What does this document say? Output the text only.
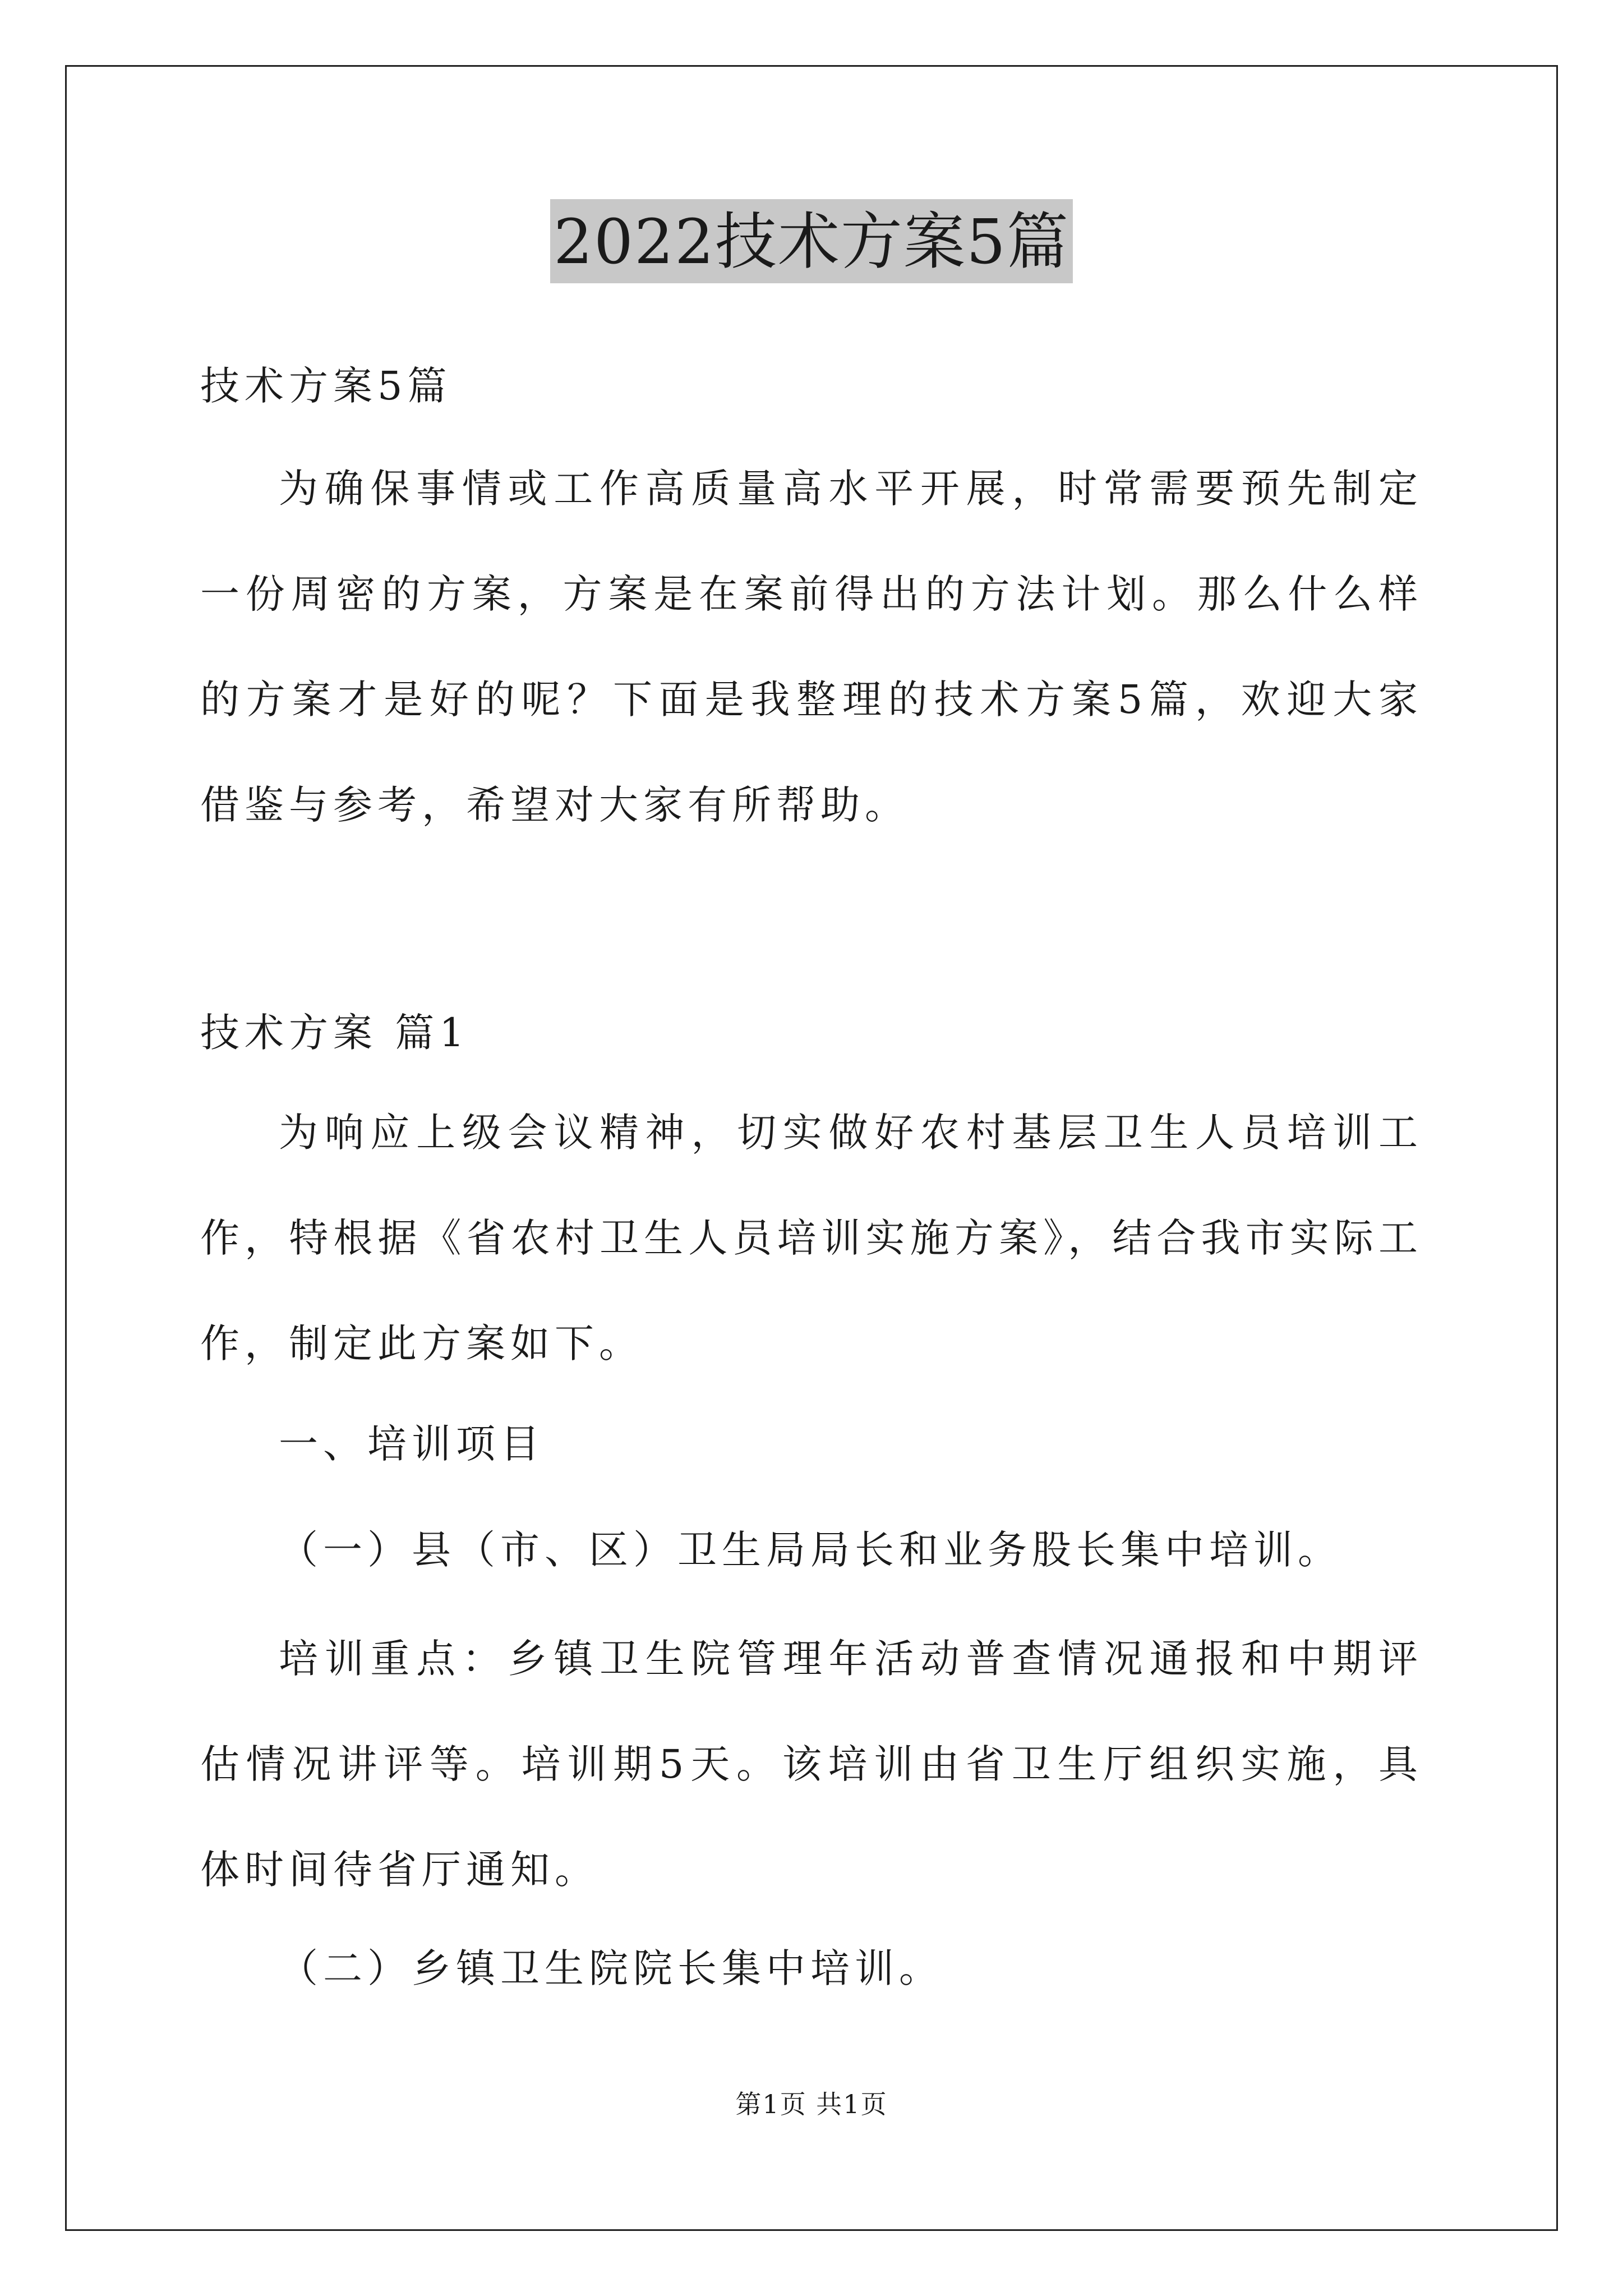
2022技术方案5篇

技术方案5篇

为确保事情或工作高质量高水平开展，时常需要预先制定一份周密的方案，方案是在案前得出的方法计划。那么什么样的方案才是好的呢？下面是我整理的技术方案5篇，欢迎大家借鉴与参考，希望对大家有所帮助。

技术方案 篇1

为响应上级会议精神，切实做好农村基层卫生人员培训工作，特根据《省农村卫生人员培训实施方案》，结合我市实际工作，制定此方案如下。

一、培训项目

（一）县（市、区）卫生局局长和业务股长集中培训。

培训重点：乡镇卫生院管理年活动普查情况通报和中期评估情况讲评等。培训期5天。该培训由省卫生厅组织实施，具体时间待省厅通知。

（二）乡镇卫生院院长集中培训。

第1页 共1页
